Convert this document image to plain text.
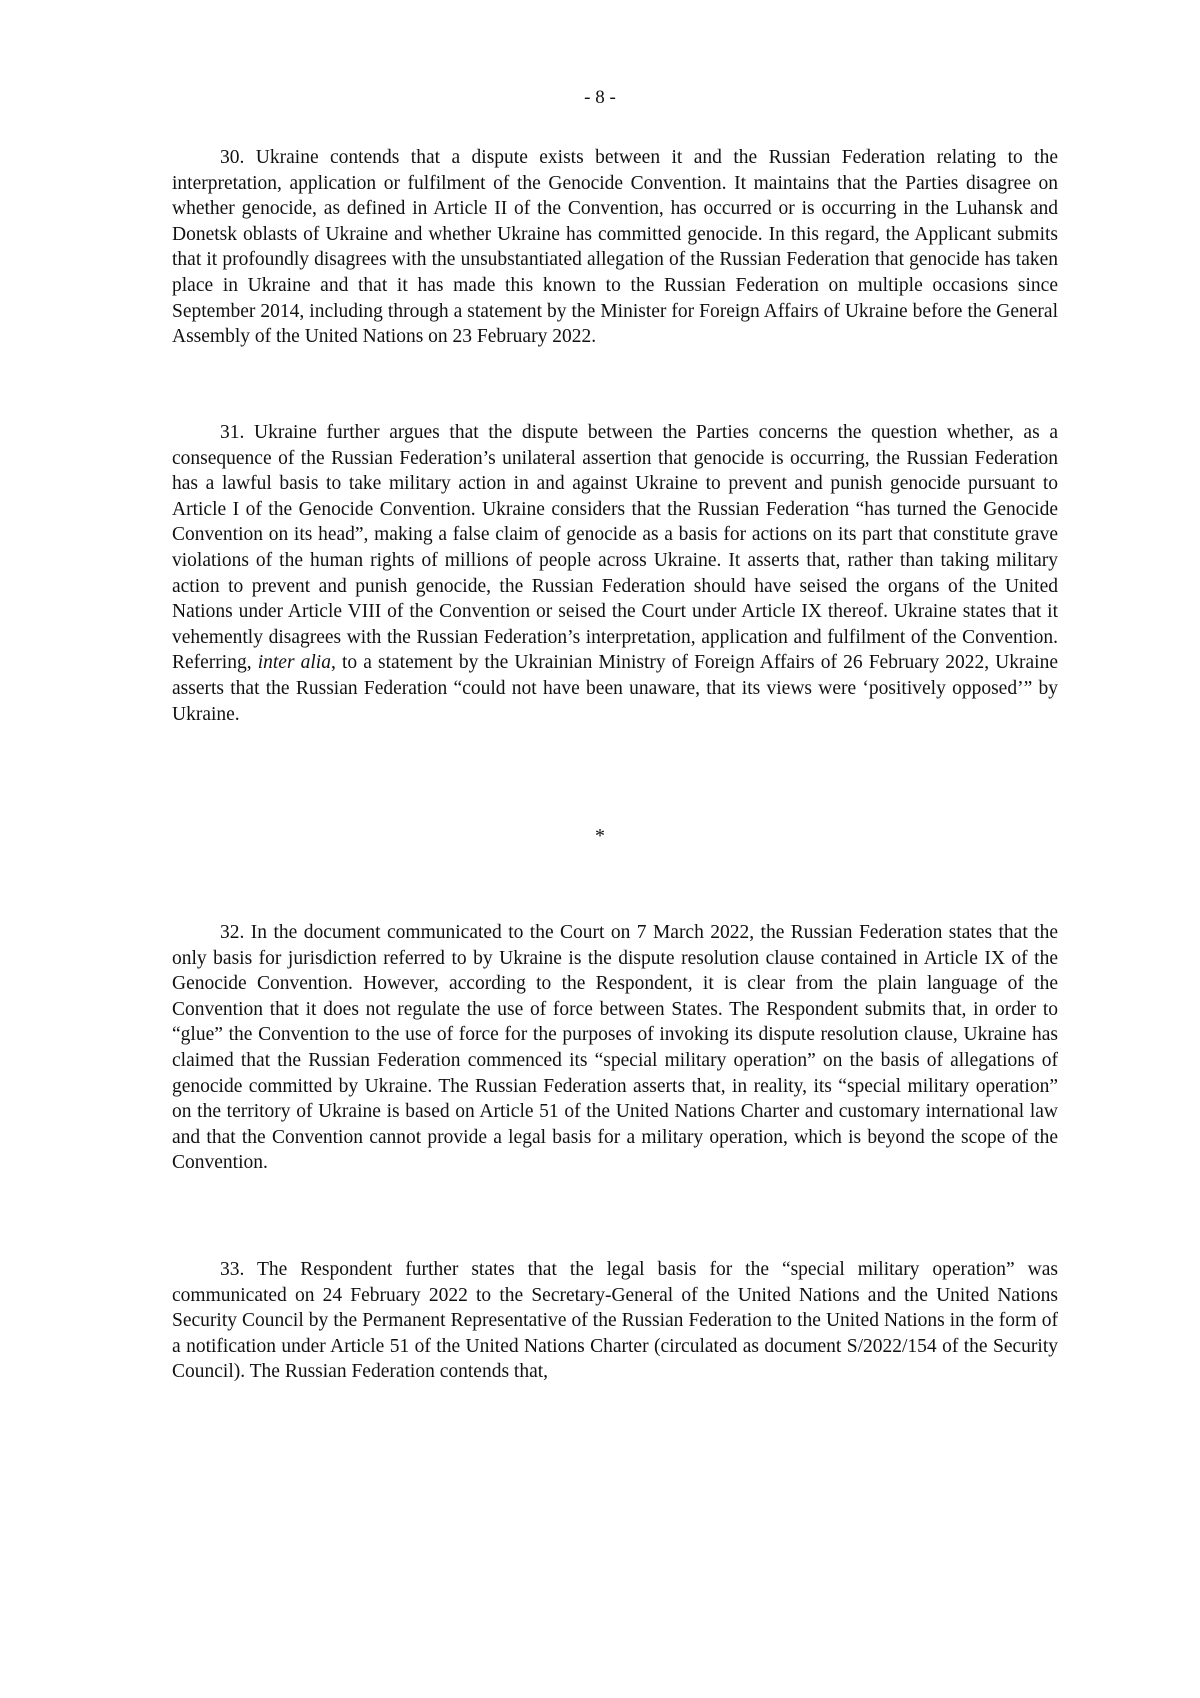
- 8 -

30. Ukraine contends that a dispute exists between it and the Russian Federation relating to the interpretation, application or fulfilment of the Genocide Convention. It maintains that the Parties disagree on whether genocide, as defined in Article II of the Convention, has occurred or is occurring in the Luhansk and Donetsk oblasts of Ukraine and whether Ukraine has committed genocide. In this regard, the Applicant submits that it profoundly disagrees with the unsubstantiated allegation of the Russian Federation that genocide has taken place in Ukraine and that it has made this known to the Russian Federation on multiple occasions since September 2014, including through a statement by the Minister for Foreign Affairs of Ukraine before the General Assembly of the United Nations on 23 February 2022.

31. Ukraine further argues that the dispute between the Parties concerns the question whether, as a consequence of the Russian Federation’s unilateral assertion that genocide is occurring, the Russian Federation has a lawful basis to take military action in and against Ukraine to prevent and punish genocide pursuant to Article I of the Genocide Convention. Ukraine considers that the Russian Federation “has turned the Genocide Convention on its head”, making a false claim of genocide as a basis for actions on its part that constitute grave violations of the human rights of millions of people across Ukraine. It asserts that, rather than taking military action to prevent and punish genocide, the Russian Federation should have seised the organs of the United Nations under Article VIII of the Convention or seised the Court under Article IX thereof. Ukraine states that it vehemently disagrees with the Russian Federation’s interpretation, application and fulfilment of the Convention. Referring, inter alia, to a statement by the Ukrainian Ministry of Foreign Affairs of 26 February 2022, Ukraine asserts that the Russian Federation “could not have been unaware, that its views were ‘positively opposed’” by Ukraine.

*

32. In the document communicated to the Court on 7 March 2022, the Russian Federation states that the only basis for jurisdiction referred to by Ukraine is the dispute resolution clause contained in Article IX of the Genocide Convention. However, according to the Respondent, it is clear from the plain language of the Convention that it does not regulate the use of force between States. The Respondent submits that, in order to “glue” the Convention to the use of force for the purposes of invoking its dispute resolution clause, Ukraine has claimed that the Russian Federation commenced its “special military operation” on the basis of allegations of genocide committed by Ukraine. The Russian Federation asserts that, in reality, its “special military operation” on the territory of Ukraine is based on Article 51 of the United Nations Charter and customary international law and that the Convention cannot provide a legal basis for a military operation, which is beyond the scope of the Convention.

33. The Respondent further states that the legal basis for the “special military operation” was communicated on 24 February 2022 to the Secretary-General of the United Nations and the United Nations Security Council by the Permanent Representative of the Russian Federation to the United Nations in the form of a notification under Article 51 of the United Nations Charter (circulated as document S/2022/154 of the Security Council). The Russian Federation contends that,
